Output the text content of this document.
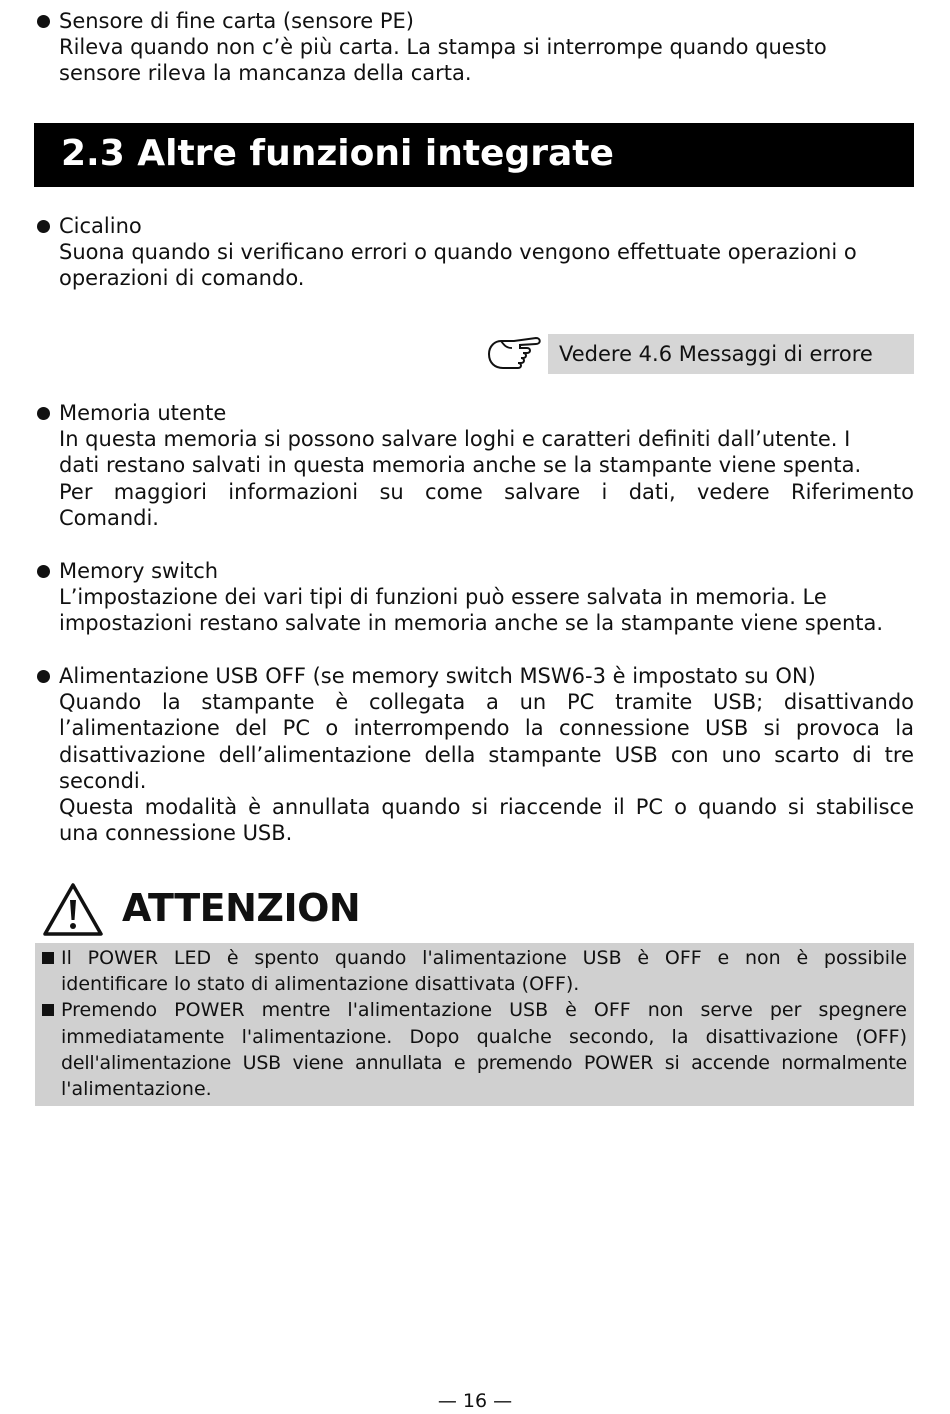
Sensore di fine carta (sensore PE)
Rileva quando non c’è più carta. La stampa si interrompe quando questo
sensore rileva la mancanza della carta.
2.3 Altre funzioni integrate
Cicalino
Suona quando si verificano errori o quando vengono effettuate operazioni o
operazioni di comando.
Vedere 4.6 Messaggi di errore
Memoria utente
In questa memoria si possono salvare loghi e caratteri definiti dall’utente. I
dati restano salvati in questa memoria anche se la stampante viene spenta.
Per maggiori informazioni su come salvare i dati, vedere Riferimento
Comandi.
Memory switch
L’impostazione dei vari tipi di funzioni può essere salvata in memoria. Le
impostazioni restano salvate in memoria anche se la stampante viene spenta.
Alimentazione USB OFF (se memory switch MSW6-3 è impostato su ON)
Quando la stampante è collegata a un PC tramite USB; disattivando
l’alimentazione del PC o interrompendo la connessione USB si provoca la
disattivazione dell’alimentazione della stampante USB con uno scarto di tre
secondi.
Questa modalità è annullata quando si riaccende il PC o quando si stabilisce
una connessione USB.
ATTENZION
Il POWER LED è spento quando l'alimentazione USB è OFF e non è possibile
identificare lo stato di alimentazione disattivata (OFF).
Premendo POWER mentre l'alimentazione USB è OFF non serve per spegnere
immediatamente l'alimentazione. Dopo qualche secondo, la disattivazione (OFF)
dell'alimentazione USB viene annullata e premendo POWER si accende normalmente
l'alimentazione.
— 16 —
